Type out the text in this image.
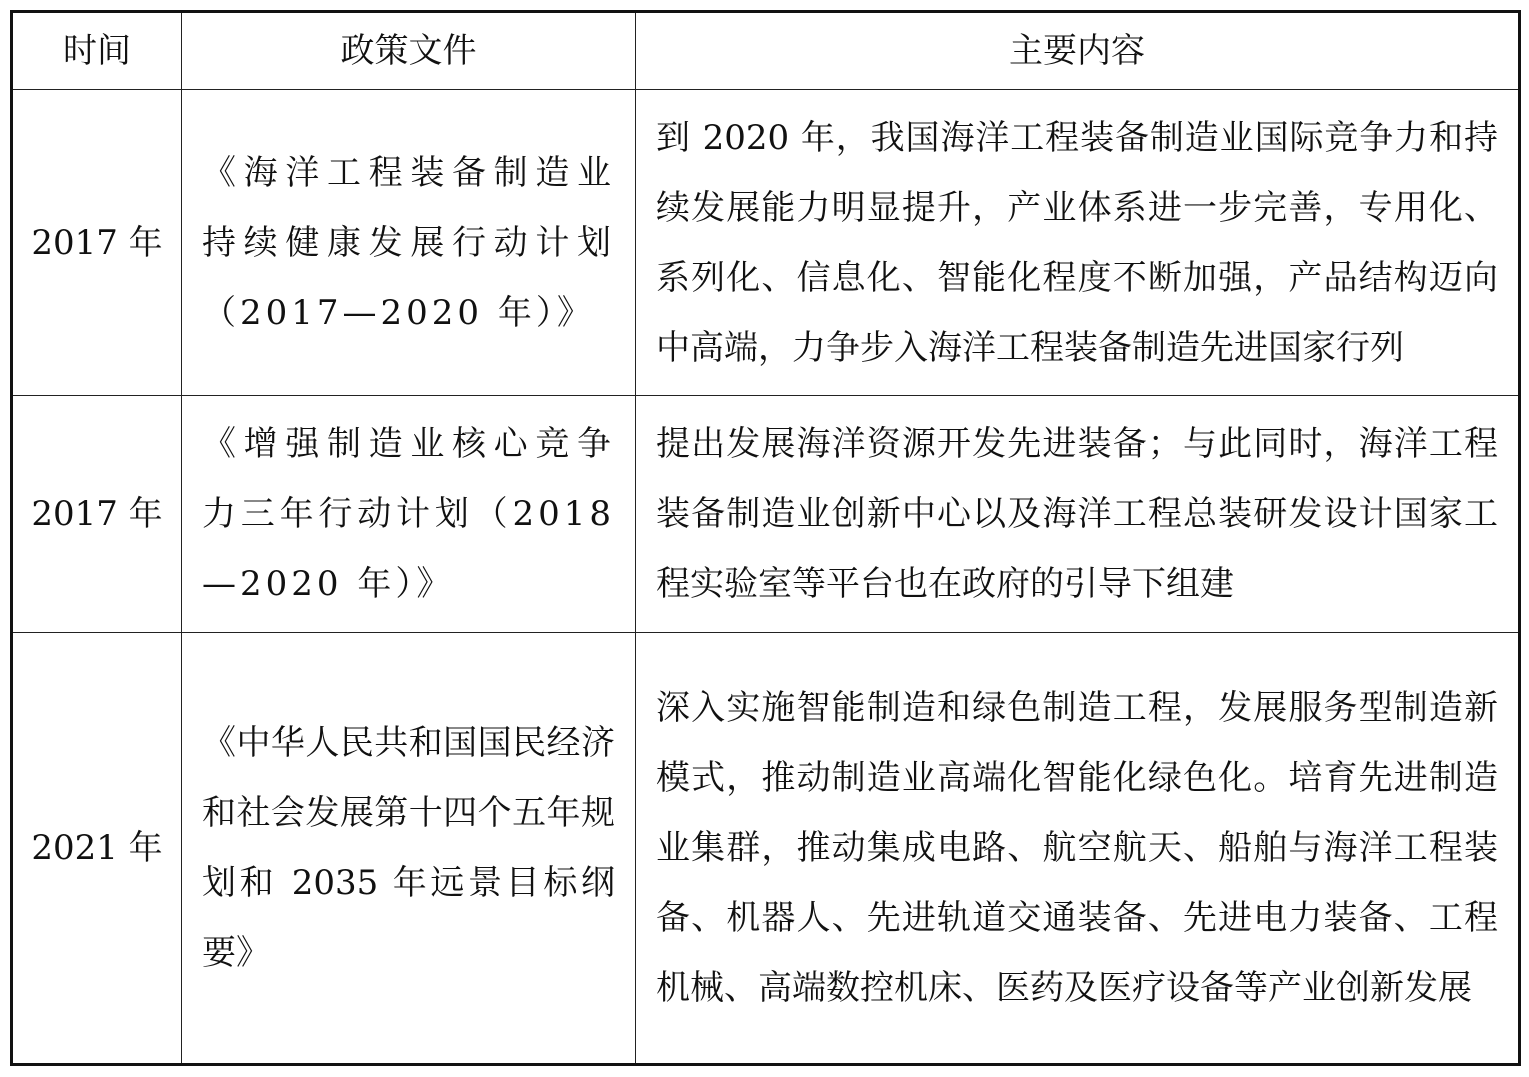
时间	政策文件	主要内容
2017 年	《海洋工程装备制造业持续健康发展行动计划（2017—2020 年）》	到 2020 年，我国海洋工程装备制造业国际竞争力和持续发展能力明显提升，产业体系进一步完善，专用化、系列化、信息化、智能化程度不断加强，产品结构迈向中高端，力争步入海洋工程装备制造先进国家行列
2017 年	《增强制造业核心竞争力三年行动计划（2018—2020 年）》	提出发展海洋资源开发先进装备；与此同时，海洋工程装备制造业创新中心以及海洋工程总装研发设计国家工程实验室等平台也在政府的引导下组建
2021 年	《中华人民共和国国民经济和社会发展第十四个五年规划和 2035 年远景目标纲要》	深入实施智能制造和绿色制造工程，发展服务型制造新模式，推动制造业高端化智能化绿色化。培育先进制造业集群，推动集成电路、航空航天、船舶与海洋工程装备、机器人、先进轨道交通装备、先进电力装备、工程机械、高端数控机床、医药及医疗设备等产业创新发展
